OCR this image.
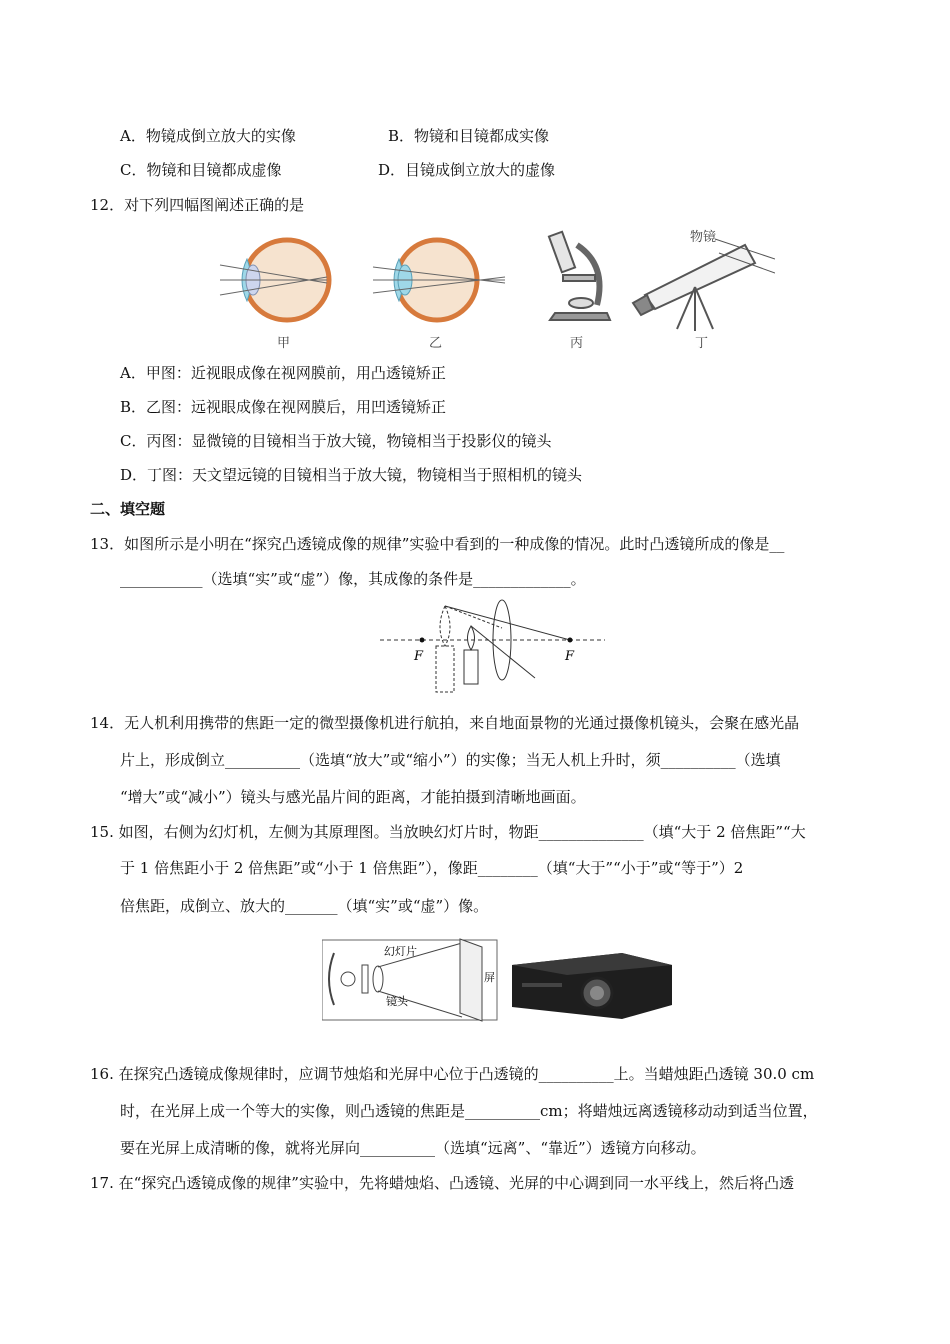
A．物镜成倒立放大的实像	B．物镜和目镜都成实像
C．物镜和目镜都成虚像	D．目镜成倒立放大的虚像
12．对下列四幅图阐述正确的是
物镜
甲	乙	丙	丁
A．甲图：近视眼成像在视网膜前，用凸透镜矫正
B．乙图：远视眼成像在视网膜后，用凹透镜矫正
C．丙图：显微镜的目镜相当于放大镜，物镜相当于投影仪的镜头
D．丁图：天文望远镜的目镜相当于放大镜，物镜相当于照相机的镜头
二、填空题
13．如图所示是小明在“探究凸透镜成像的规律”实验中看到的一种成像的情况。此时凸透镜所成的像是__
___________（选填“实”或“虚”）像，其成像的条件是_____________。
F	F
14．无人机利用携带的焦距一定的微型摄像机进行航拍，来自地面景物的光通过摄像机镜头，会聚在感光晶
片上，形成倒立__________（选填“放大”或“缩小”）的实像；当无人机上升时，须__________（选填
“增大”或“减小”）镜头与感光晶片间的距离，才能拍摄到清晰地画面。
15. 如图，右侧为幻灯机，左侧为其原理图。当放映幻灯片时，物距______________（填“大于 2 倍焦距”“大
于 1 倍焦距小于 2 倍焦距”或“小于 1 倍焦距”），像距________（填“大于”“小于”或“等于”）2
倍焦距，成倒立、放大的_______（填“实”或“虚”）像。
幻灯片
镜头
屏
16. 在探究凸透镜成像规律时，应调节烛焰和光屏中心位于凸透镜的__________上。当蜡烛距凸透镜 30.0 cm
时，在光屏上成一个等大的实像，则凸透镜的焦距是__________cm；将蜡烛远离透镜移动动到适当位置，
要在光屏上成清晰的像，就将光屏向__________（选填“远离”、“靠近”）透镜方向移动。
17. 在“探究凸透镜成像的规律”实验中，先将蜡烛焰、凸透镜、光屏的中心调到同一水平线上，然后将凸透
